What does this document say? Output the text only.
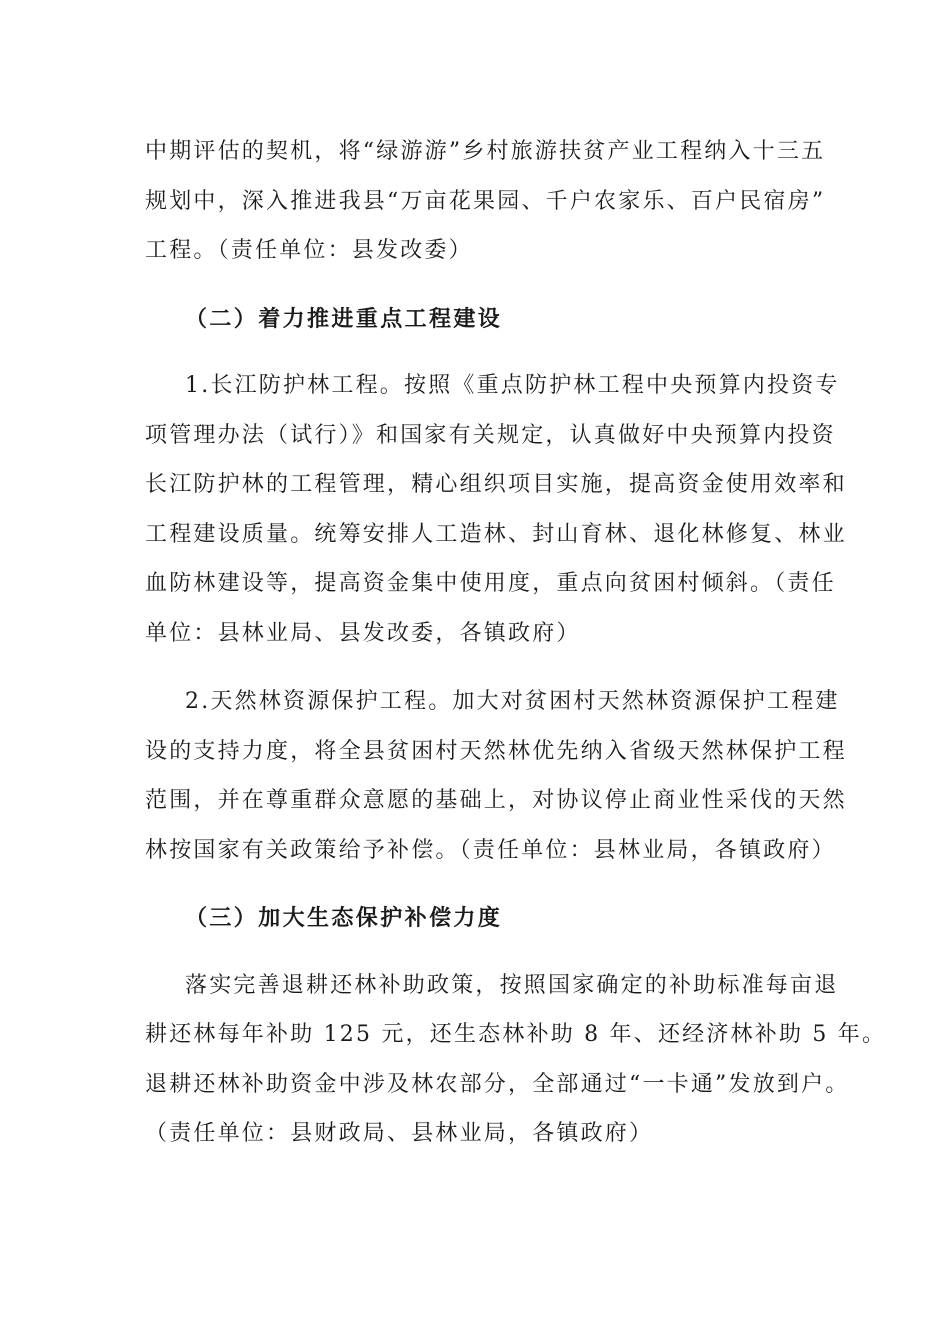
中期评估的契机，将“绿游游”乡村旅游扶贫产业工程纳入十三五
规划中，深入推进我县“万亩花果园、千户农家乐、百户民宿房”
工程。（责任单位：县发改委）
（二）着力推进重点工程建设
1.长江防护林工程。按照《重点防护林工程中央预算内投资专
项管理办法（试行）》和国家有关规定，认真做好中央预算内投资
长江防护林的工程管理，精心组织项目实施，提高资金使用效率和
工程建设质量。统筹安排人工造林、封山育林、退化林修复、林业
血防林建设等，提高资金集中使用度，重点向贫困村倾斜。（责任
单位：县林业局、县发改委，各镇政府）
2.天然林资源保护工程。加大对贫困村天然林资源保护工程建
设的支持力度，将全县贫困村天然林优先纳入省级天然林保护工程
范围，并在尊重群众意愿的基础上，对协议停止商业性采伐的天然
林按国家有关政策给予补偿。（责任单位：县林业局，各镇政府）
（三）加大生态保护补偿力度
落实完善退耕还林补助政策，按照国家确定的补助标准每亩退
耕还林每年补助 125 元，还生态林补助 8 年、还经济林补助 5 年。
退耕还林补助资金中涉及林农部分，全部通过“一卡通”发放到户。
（责任单位：县财政局、县林业局，各镇政府）
